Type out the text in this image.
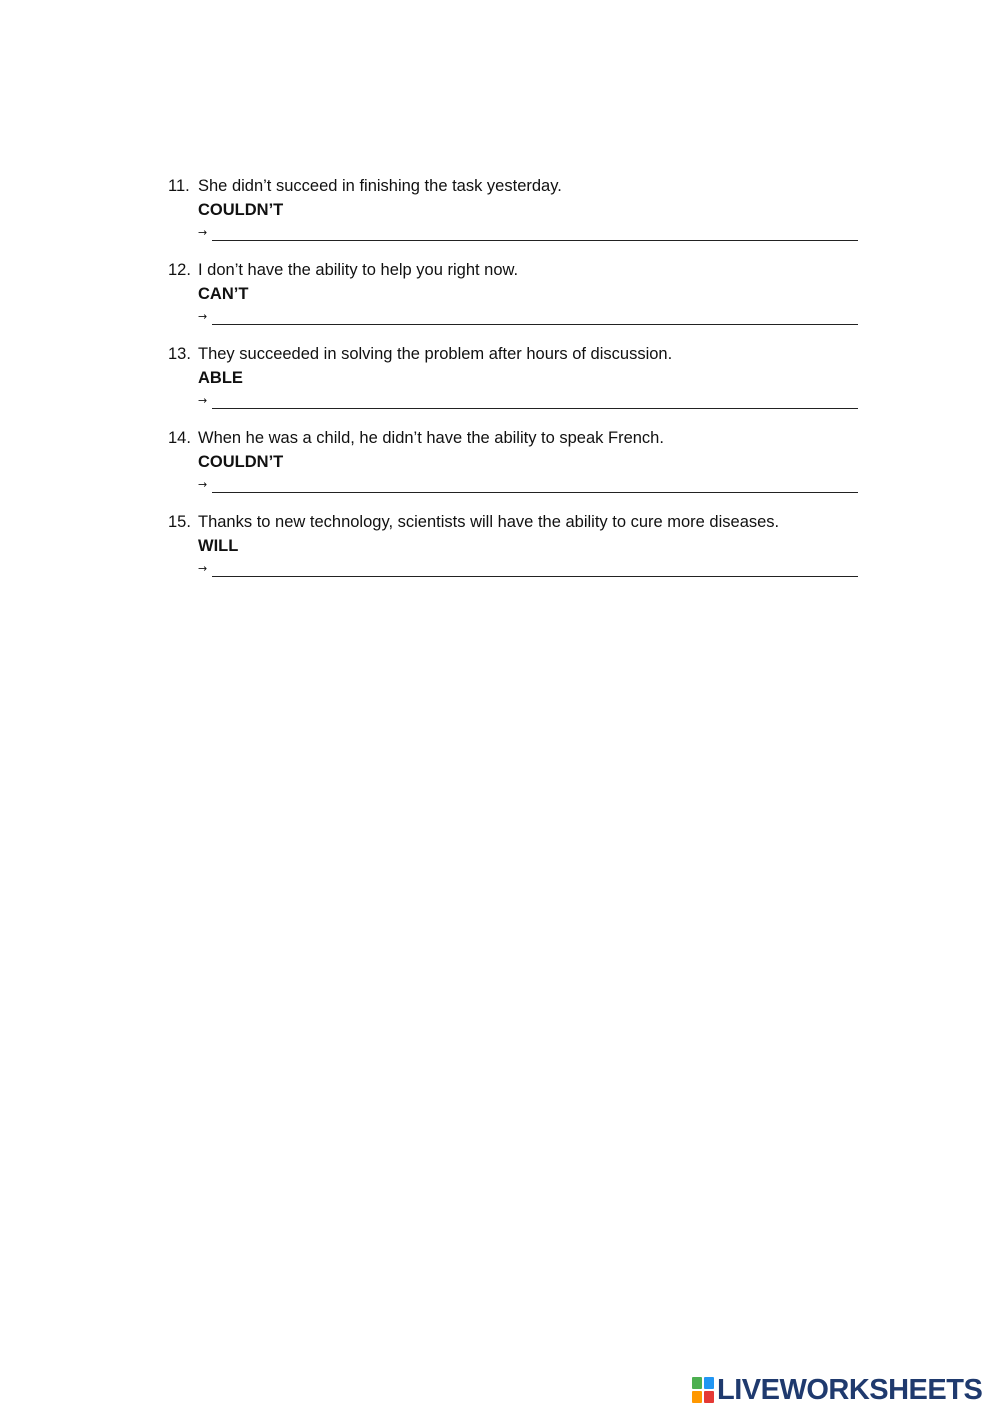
11. She didn’t succeed in finishing the task yesterday.
COULDN’T
→
12. I don’t have the ability to help you right now.
CAN’T
→
13. They succeeded in solving the problem after hours of discussion.
ABLE
→
14. When he was a child, he didn’t have the ability to speak French.
COULDN’T
→
15. Thanks to new technology, scientists will have the ability to cure more diseases.
WILL
→
LIVEWORKSHEETS
